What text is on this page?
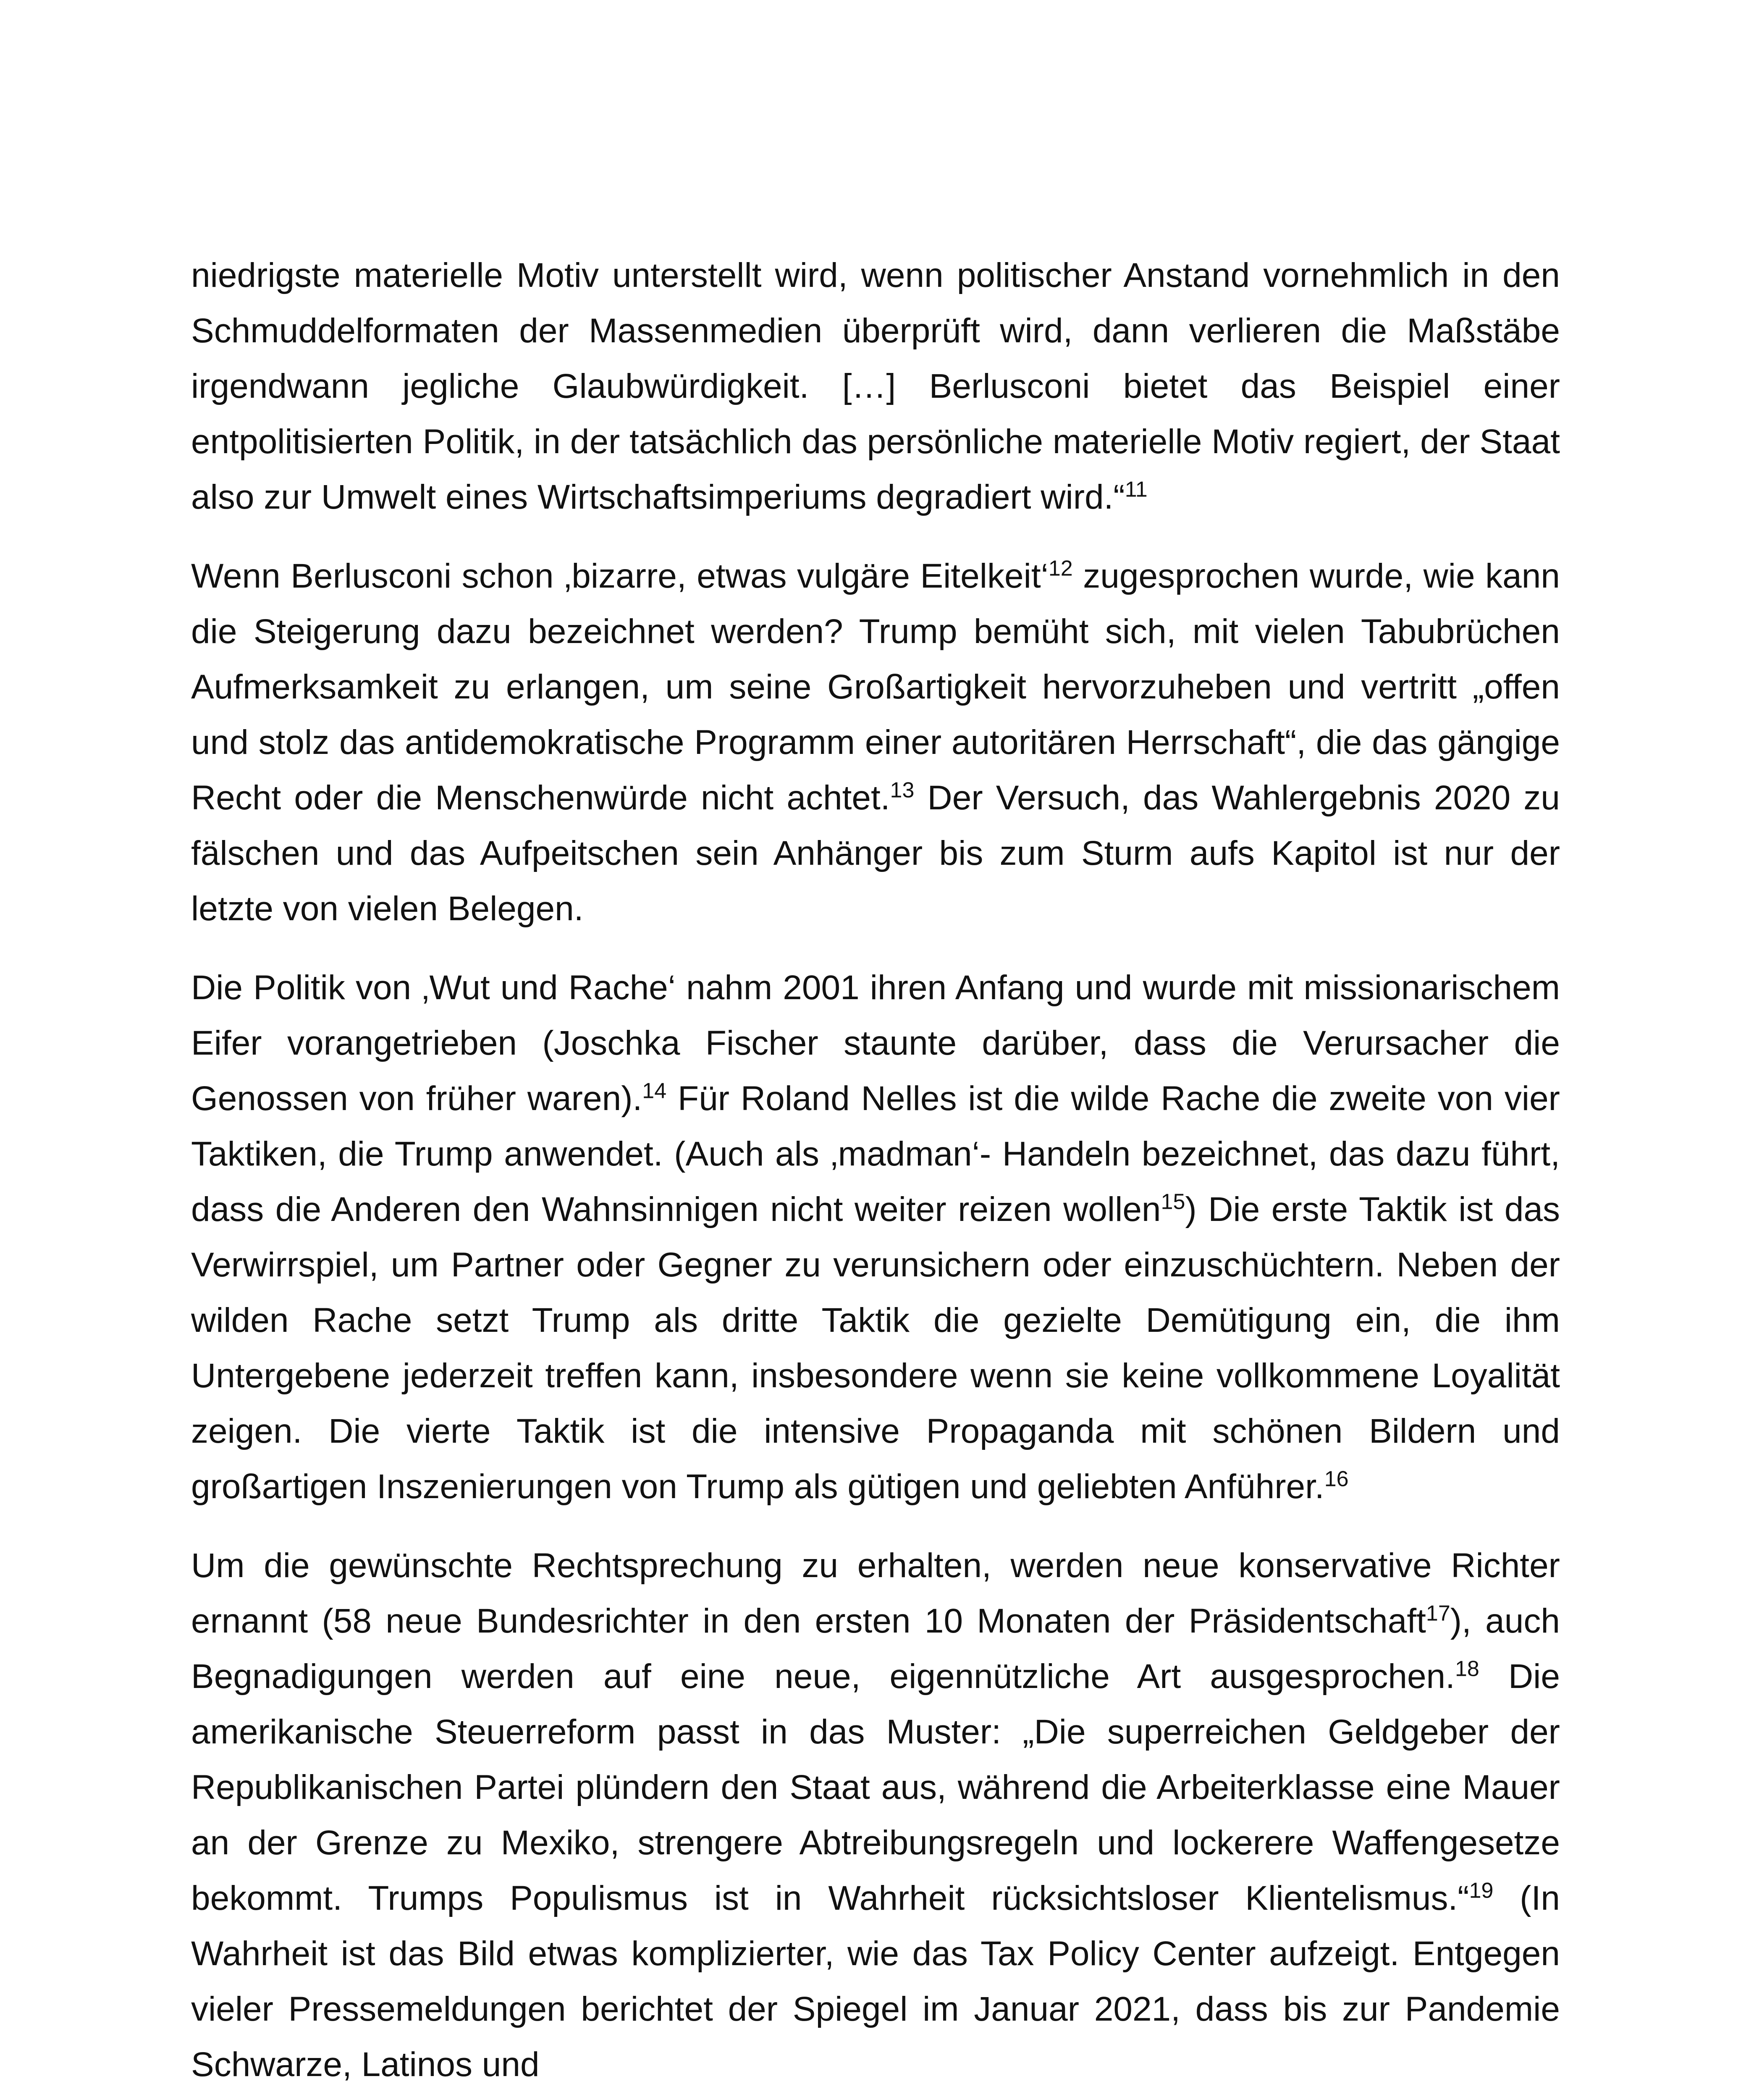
niedrigste materielle Motiv unterstellt wird, wenn politischer Anstand vornehmlich in den Schmuddelformaten der Massenmedien überprüft wird, dann verlieren die Maßstäbe irgendwann jegliche Glaubwürdigkeit. […] Berlusconi bietet das Beispiel einer entpolitisierten Politik, in der tatsächlich das persönliche materielle Motiv regiert, der Staat also zur Umwelt eines Wirtschaftsimperiums degradiert wird.“$^{11}$

Wenn Berlusconi schon ‚bizarre, etwas vulgäre Eitelkeit‘$^{12}$ zugesprochen wurde, wie kann die Steigerung dazu bezeichnet werden? Trump bemüht sich, mit vielen Tabubrüchen Aufmerksamkeit zu erlangen, um seine Großartigkeit hervorzuheben und vertritt „offen und stolz das antidemokratische Programm einer autoritären Herrschaft“, die das gängige Recht oder die Menschenwürde nicht achtet.$^{13}$ Der Versuch, das Wahlergebnis 2020 zu fälschen und das Aufpeitschen sein Anhänger bis zum Sturm aufs Kapitol ist nur der letzte von vielen Belegen.

Die Politik von ‚Wut und Rache‘ nahm 2001 ihren Anfang und wurde mit missionarischem Eifer vorangetrieben (Joschka Fischer staunte darüber, dass die Verursacher die Genossen von früher waren).$^{14}$ Für Roland Nelles ist die wilde Rache die zweite von vier Taktiken, die Trump anwendet. (Auch als ‚madman‘- Handeln bezeichnet, das dazu führt, dass die Anderen den Wahnsinnigen nicht weiter reizen wollen$^{15}$) Die erste Taktik ist das Verwirrspiel, um Partner oder Gegner zu verunsichern oder einzuschüchtern. Neben der wilden Rache setzt Trump als dritte Taktik die gezielte Demütigung ein, die ihm Untergebene jederzeit treffen kann, insbesondere wenn sie keine vollkommene Loyalität zeigen. Die vierte Taktik ist die intensive Propaganda mit schönen Bildern und großartigen Inszenierungen von Trump als gütigen und geliebten Anführer.$^{16}$

Um die gewünschte Rechtsprechung zu erhalten, werden neue konservative Richter ernannt (58 neue Bundesrichter in den ersten 10 Monaten der Präsidentschaft$^{17}$), auch Begnadigungen werden auf eine neue, eigennützliche Art ausgesprochen.$^{18}$ Die amerikanische Steuerreform passt in das Muster: „Die superreichen Geldgeber der Republikanischen Partei plündern den Staat aus, während die Arbeiterklasse eine Mauer an der Grenze zu Mexiko, strengere Abtreibungsregeln und lockerere Waffengesetze bekommt. Trumps Populismus ist in Wahrheit rücksichtsloser Klientelismus.“$^{19}$ (In Wahrheit ist das Bild etwas komplizierter, wie das Tax Policy Center aufzeigt. Entgegen vieler Pressemeldungen berichtet der Spiegel im Januar 2021, dass bis zur Pandemie Schwarze, Latinos und
